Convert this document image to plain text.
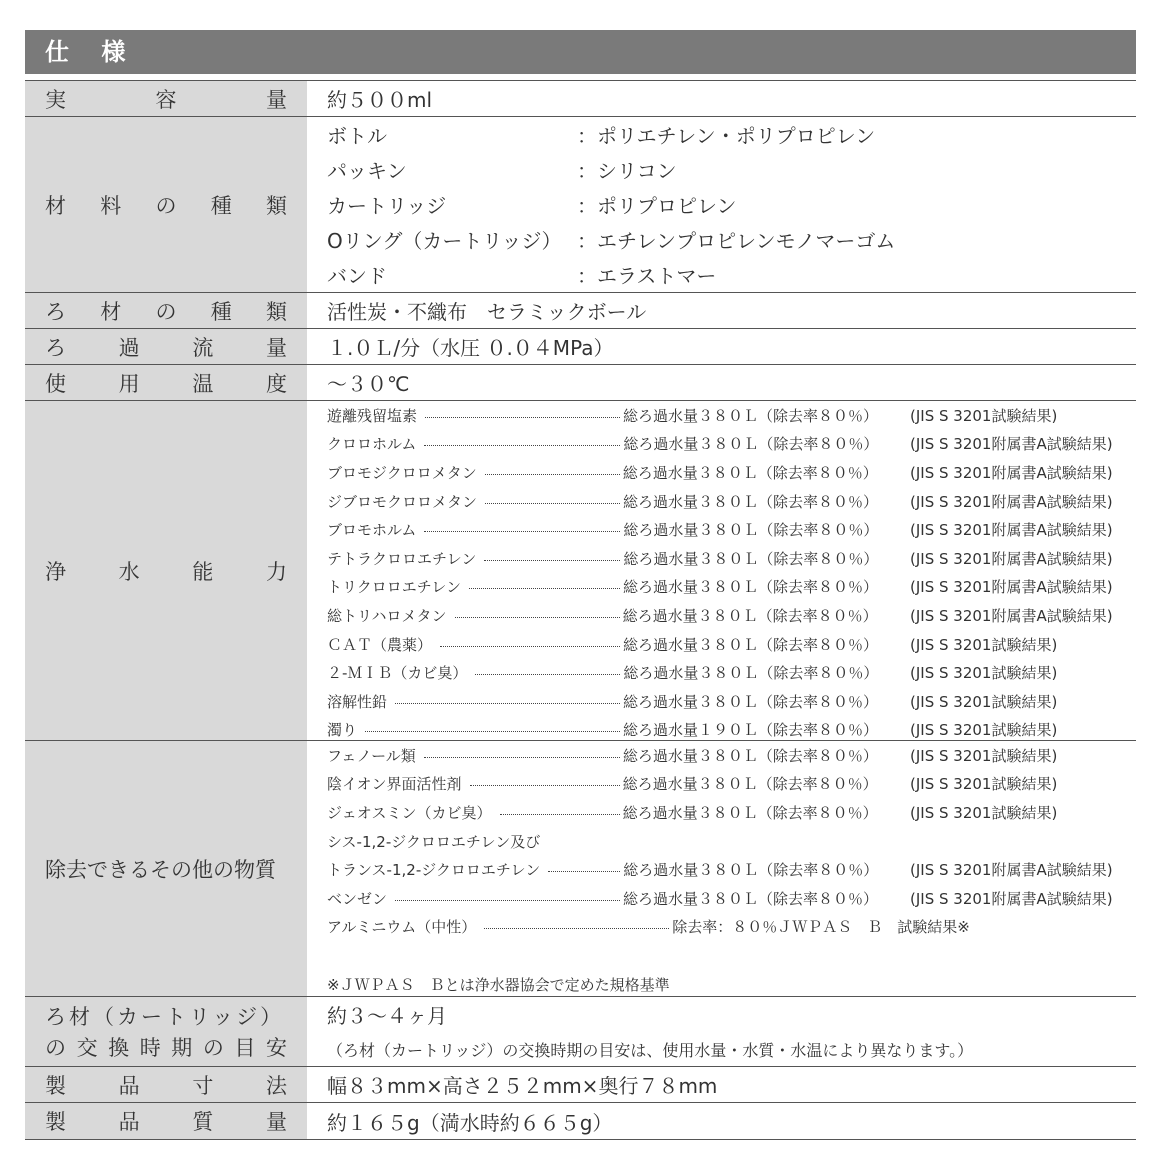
仕 様
実	容	量 約５００ml
材 料 の 種 類
ボトル	：ポリエチレン・ポリプロピレン
パッキン	：シリコン
カートリッジ	：ポリプロピレン
Oリング（カートリッジ） ：エチレンプロピレンモノマーゴム
バンド	：エラストマー
ろ 材 の 種 類 活性炭・不織布　セラミックボール
ろ	過	流	量 １.０Ｌ/分（水圧 ０.０４MPa）
使	用	温	度 ～３０℃
浄	水	能	力
遊離残留塩素	総ろ過水量３８０Ｌ（除去率８０％） (JIS S 3201試験結果)
クロロホルム	総ろ過水量３８０Ｌ（除去率８０％） (JIS S 3201附属書A試験結果)
ブロモジクロロメタン	総ろ過水量３８０Ｌ（除去率８０％） (JIS S 3201附属書A試験結果)
ジブロモクロロメタン	総ろ過水量３８０Ｌ（除去率８０％） (JIS S 3201附属書A試験結果)
ブロモホルム	総ろ過水量３８０Ｌ（除去率８０％） (JIS S 3201附属書A試験結果)
テトラクロロエチレン	総ろ過水量３８０Ｌ（除去率８０％） (JIS S 3201附属書A試験結果)
トリクロロエチレン	総ろ過水量３８０Ｌ（除去率８０％） (JIS S 3201附属書A試験結果)
総トリハロメタン	総ろ過水量３８０Ｌ（除去率８０％） (JIS S 3201附属書A試験結果)
ＣＡＴ（農薬）	総ろ過水量３８０Ｌ（除去率８０％） (JIS S 3201試験結果)
２-ＭＩＢ（カビ臭）	総ろ過水量３８０Ｌ（除去率８０％） (JIS S 3201試験結果)
溶解性鉛	総ろ過水量３８０Ｌ（除去率８０％） (JIS S 3201試験結果)
濁り	総ろ過水量１９０Ｌ（除去率８０％） (JIS S 3201試験結果)
除去できるその他の物質
フェノール類	総ろ過水量３８０Ｌ（除去率８０％） (JIS S 3201試験結果)
陰イオン界面活性剤	総ろ過水量３８０Ｌ（除去率８０％） (JIS S 3201試験結果)
ジェオスミン（カビ臭）	総ろ過水量３８０Ｌ（除去率８０％） (JIS S 3201試験結果)
シス-1,2-ジクロロエチレン及び
トランス-1,2-ジクロロエチレン	総ろ過水量３８０Ｌ（除去率８０％） (JIS S 3201附属書A試験結果)
ベンゼン	総ろ過水量３８０Ｌ（除去率８０％） (JIS S 3201附属書A試験結果)
アルミニウム（中性）	除去率：８０％ＪＷＰＡＳ　Ｂ　試験結果※
※ＪＷＰＡＳ　Ｂとは浄水器協会で定めた規格基準
ろ材（カートリッジ）
の 交 換 時 期 の 目 安
約３～４ヶ月
（ろ材（カートリッジ）の交換時期の目安は、使用水量・水質・水温により異なります。）
製	品	寸	法 幅８３mm×高さ２５２mm×奥行７８mm
製	品	質	量 約１６５g（満水時約６６５g）
